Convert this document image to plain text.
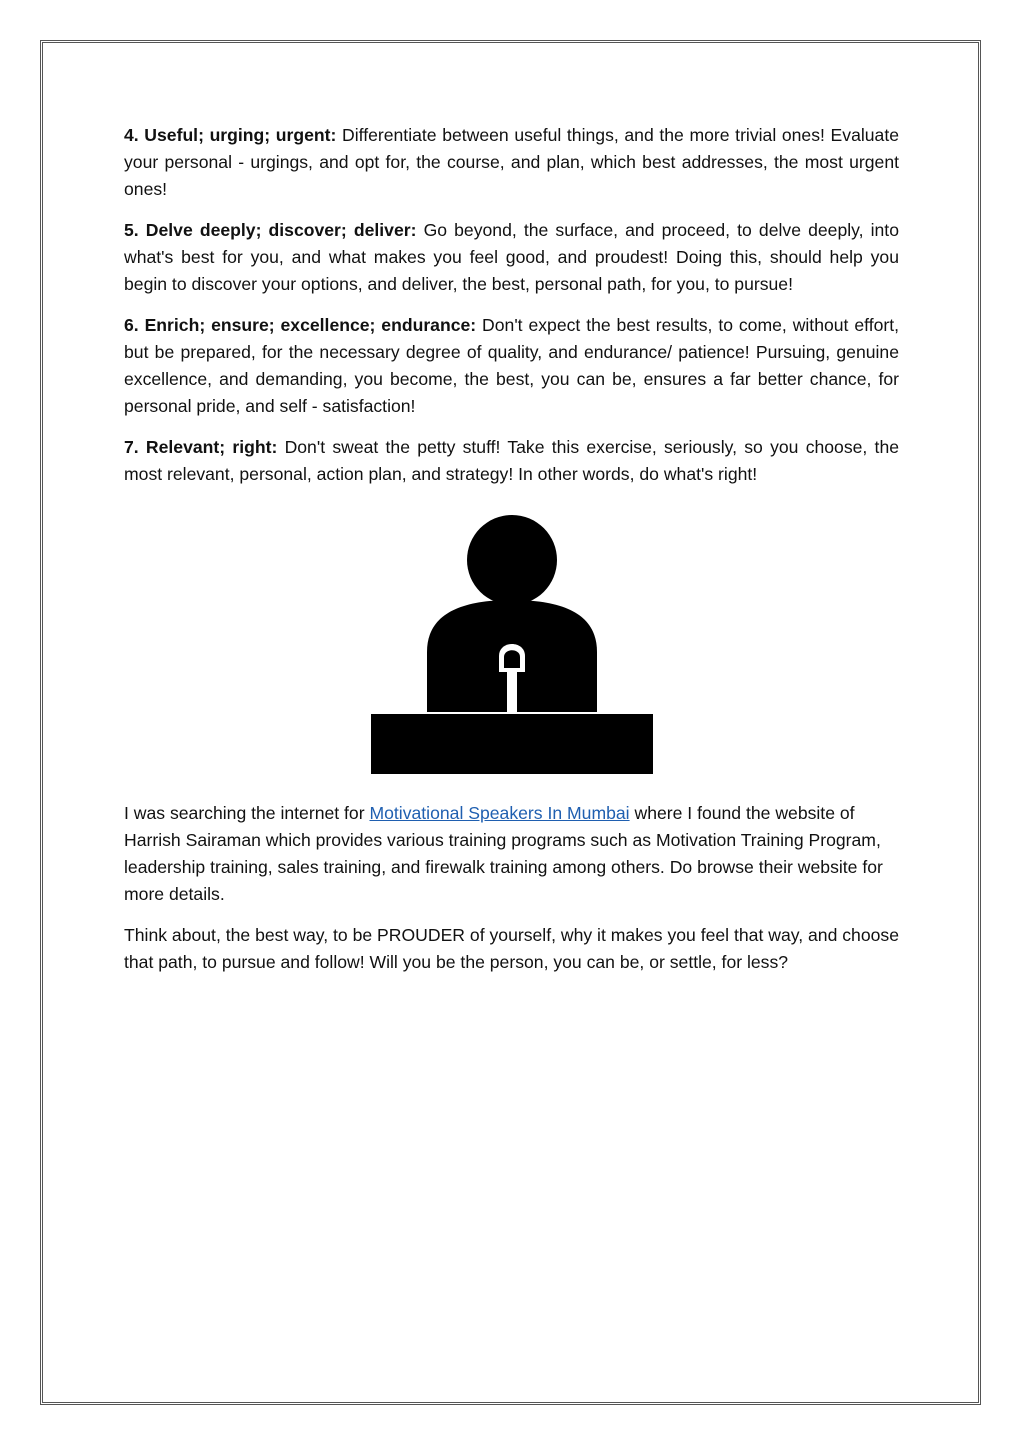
4. Useful; urging; urgent: Differentiate between useful things, and the more trivial ones! Evaluate your personal - urgings, and opt for, the course, and plan, which best addresses, the most urgent ones!

5. Delve deeply; discover; deliver: Go beyond, the surface, and proceed, to delve deeply, into what's best for you, and what makes you feel good, and proudest! Doing this, should help you begin to discover your options, and deliver, the best, personal path, for you, to pursue!

6. Enrich; ensure; excellence; endurance: Don't expect the best results, to come, without effort, but be prepared, for the necessary degree of quality, and endurance/ patience! Pursuing, genuine excellence, and demanding, you become, the best, you can be, ensures a far better chance, for personal pride, and self - satisfaction!

7. Relevant; right: Don't sweat the petty stuff! Take this exercise, seriously, so you choose, the most relevant, personal, action plan, and strategy! In other words, do what's right!

I was searching the internet for Motivational Speakers In Mumbai where I found the website of Harrish Sairaman which provides various training programs such as Motivation Training Program, leadership training, sales training, and firewalk training among others. Do browse their website for more details.

Think about, the best way, to be PROUDER of yourself, why it makes you feel that way, and choose that path, to pursue and follow! Will you be the person, you can be, or settle, for less?
